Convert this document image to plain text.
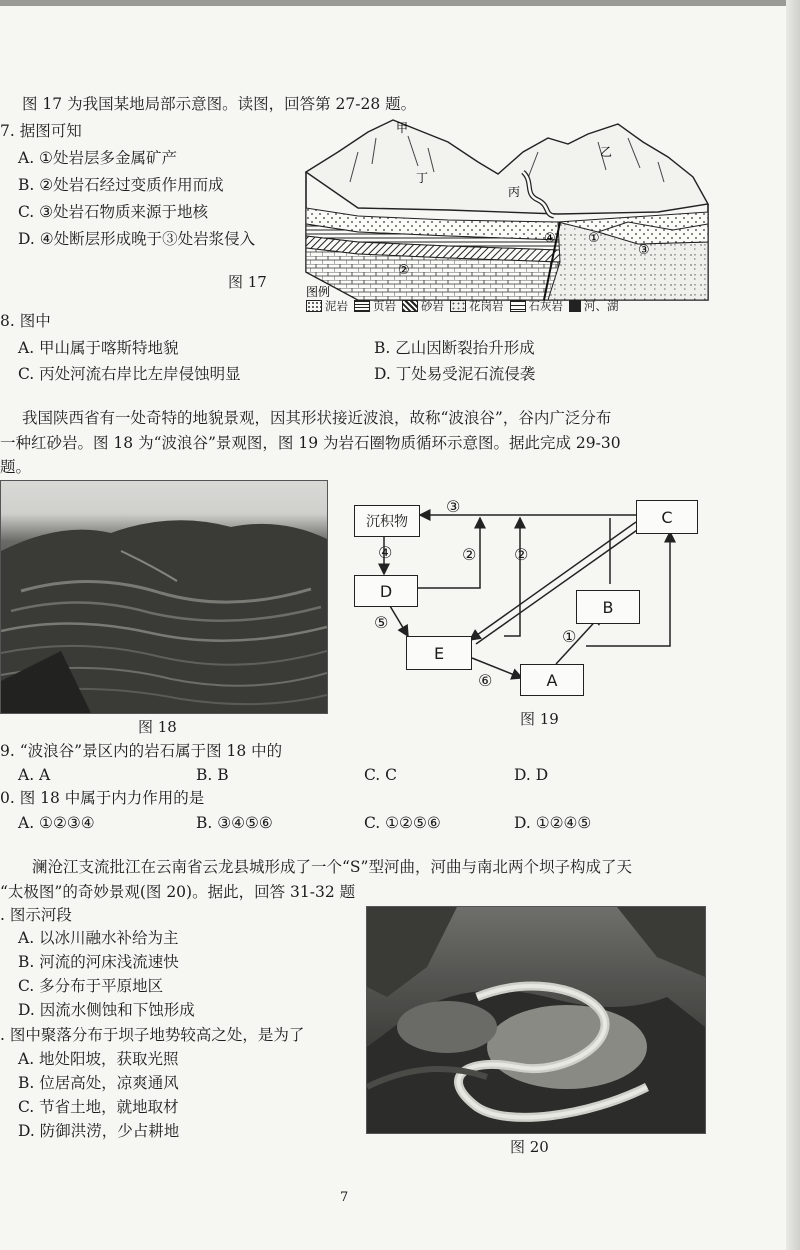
图 17 为我国某地局部示意图。读图，回答第 27-28 题。
7. 据图可知
A. ①处岩层多金属矿产
B. ②处岩石经过变质作用而成
C. ③处岩石物质来源于地核
D. ④处断层形成晚于③处岩浆侵入
图 17
甲
乙
丙
丁
①
②
③
④
图例
泥岩 页岩 砂岩 花岗岩 石灰岩 河、湖
8. 图中
A. 甲山属于喀斯特地貌	B. 乙山因断裂抬升形成
C. 丙处河流右岸比左岸侵蚀明显	D. 丁处易受泥石流侵袭
我国陕西省有一处奇特的地貌景观，因其形状接近波浪，故称“波浪谷”，谷内广泛分布
一种红砂岩。图 18 为“波浪谷”景观图，图 19 为岩石圈物质循环示意图。据此完成 29-30
题。
图 18
③
④	② ②
⑤
⑥
①
沉积物	C
D
B
E
A
图 19
9. “波浪谷”景区内的岩石属于图 18 中的
A. A	B. B	C. C	D. D
0. 图 18 中属于内力作用的是
A. ①②③④	B. ③④⑤⑥	C. ①②⑤⑥	D. ①②④⑤
澜沧江支流批江在云南省云龙县城形成了一个“S”型河曲，河曲与南北两个坝子构成了天
“太极图”的奇妙景观(图 20)。据此，回答 31-32 题
. 图示河段
A. 以冰川融水补给为主
B. 河流的河床浅流速快
C. 多分布于平原地区
D. 因流水侧蚀和下蚀形成
. 图中聚落分布于坝子地势较高之处，是为了
A. 地处阳坡，获取光照
B. 位居高处，凉爽通风
C. 节省土地，就地取材
D. 防御洪涝，少占耕地
图 20
7
